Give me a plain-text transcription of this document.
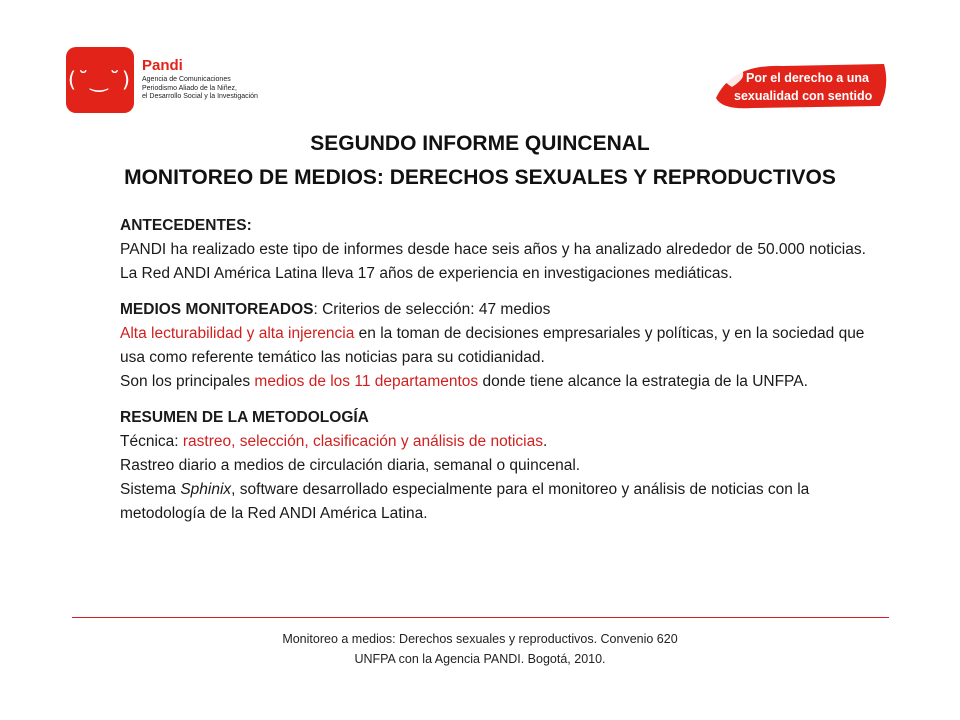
(˘‿˘)
Pandi
Agencia de Comunicaciones
Periodismo Aliado de la Niñez,
el Desarrollo Social y la Investigación
Por el derecho a una
sexualidad con sentido
SEGUNDO INFORME QUINCENAL
MONITOREO DE MEDIOS: DERECHOS SEXUALES Y REPRODUCTIVOS

ANTECEDENTES:

PANDI ha realizado este tipo de informes desde hace seis años y ha analizado alrededor de 50.000 noticias. La Red ANDI América Latina lleva 17 años de experiencia en investigaciones mediáticas.

MEDIOS MONITOREADOS: Criterios de selección: 47 medios

Alta lecturabilidad y alta injerencia en la toman de decisiones empresariales y políticas, y en la sociedad que usa como referente temático las noticias para su cotidianidad.

Son los principales medios de los 11 departamentos donde tiene alcance la estrategia de la UNFPA.

RESUMEN DE LA METODOLOGÍA

Técnica: rastreo, selección, clasificación y análisis de noticias.

Rastreo diario a medios de circulación diaria, semanal o quincenal.

Sistema Sphinix, software desarrollado especialmente para el monitoreo y análisis de noticias con la metodología de la Red ANDI América Latina.

Monitoreo a medios: Derechos sexuales y reproductivos. Convenio 620
UNFPA con la Agencia PANDI. Bogotá, 2010.
